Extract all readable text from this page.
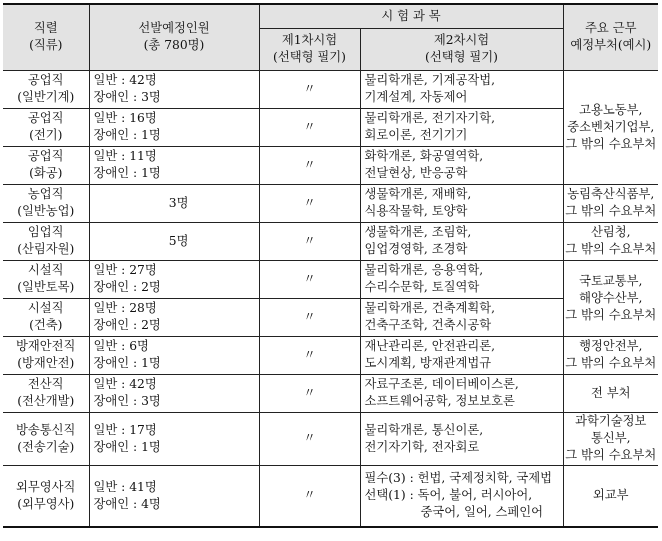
직렬
(직류)	선발예정인원
(총 780명)	시 험 과 목		주요 근무
예정부처(예시)

		제1차시험
(선택형 필기)	제2차시험
(선택형 필기)	

공업직
(일반기계)	일반 : 42명
장애인 : 3명	〃	물리학개론, 기계공작법,
기계설계, 자동제어	고용노동부,
중소벤처기업부,
그 밖의 수요부처

공업직
(전기)	일반 : 16명
장애인 : 1명	〃	물리학개론, 전기자기학,
회로이론, 전기기기	

공업직
(화공)	일반 : 11명
장애인 : 1명	〃	화학개론, 화공열역학,
전달현상, 반응공학	

농업직
(일반농업)	3명	〃	생물학개론, 재배학,
식용작물학, 토양학	농림축산식품부,
그 밖의 수요부처

임업직
(산림자원)	5명	〃	생물학개론, 조림학,
임업경영학, 조경학	산림청,
그 밖의 수요부처

시설직
(일반토목)	일반 : 27명
장애인 : 2명	〃	물리학개론, 응용역학,
수리수문학, 토질역학	국토교통부,
해양수산부,
그 밖의 수요부처

시설직
(건축)	일반 : 28명
장애인 : 2명	〃	물리학개론, 건축계획학,
건축구조학, 건축시공학	

방재안전직
(방재안전)	일반 : 6명
장애인 : 1명	〃	재난관리론, 안전관리론,
도시계획, 방재관계법규	행정안전부,
그 밖의 수요부처

전산직
(전산개발)	일반 : 42명
장애인 : 3명	〃	자료구조론, 데이터베이스론,
소프트웨어공학, 정보보호론	전 부처

방송통신직
(전송기술)	일반 : 17명
장애인 : 1명	〃	물리학개론, 통신이론,
전기자기학, 전자회로	과학기술정보
통신부,
그 밖의 수요부처

외무영사직
(외무영사)	일반 : 41명
장애인 : 4명	〃	필수(3) : 헌법, 국제정치학, 국제법
선택(1) : 독어, 불어, 러시아어,
중국어, 일어, 스페인어	외교부
